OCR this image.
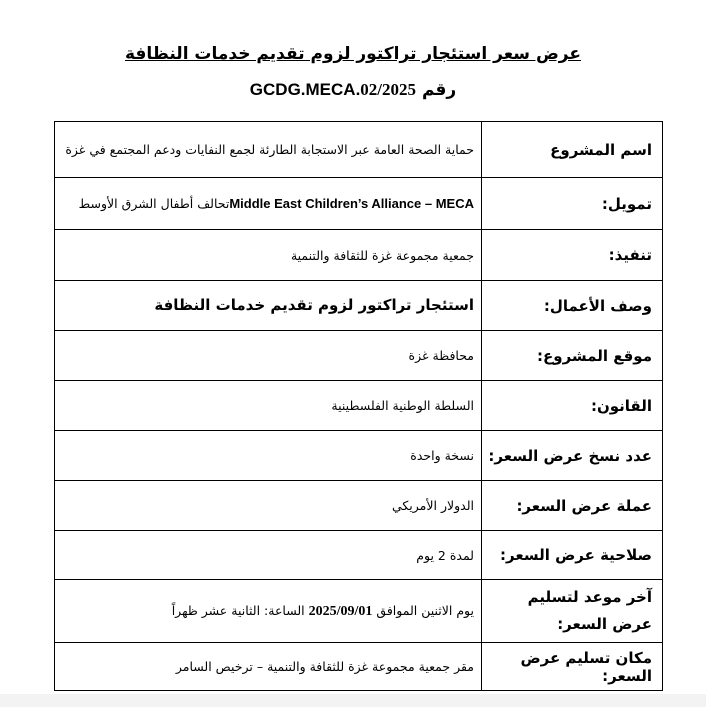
عرض سعر استئجار تراكتور لزوم تقديم خدمات النظافة
رقم GCDG.MECA.02/2025
اسم المشروع	حماية الصحة العامة عبر الاستجابة الطارئة لجمع النفايات ودعم المجتمع في غزة
تمويل:	Middle East Children’s Alliance – MECAتحالف أطفال الشرق الأوسط
تنفيذ:	جمعية مجموعة غزة للثقافة والتنمية
وصف الأعمال:	استئجار تراكتور لزوم تقديم خدمات النظافة
موقع المشروع:	محافظة غزة
القانون:	السلطة الوطنية الفلسطينية
عدد نسخ عرض السعر:	نسخة واحدة
عملة عرض السعر:	الدولار الأمريكي
صلاحية عرض السعر:	لمدة 2 يوم
آخر موعد لتسليم عرض السعر:	يوم الاثنين الموافق 2025/09/01 الساعة: الثانية عشر ظهراً
مكان تسليم عرض السعر:	مقر جمعية مجموعة غزة للثقافة والتنمية – ترخيص السامر
